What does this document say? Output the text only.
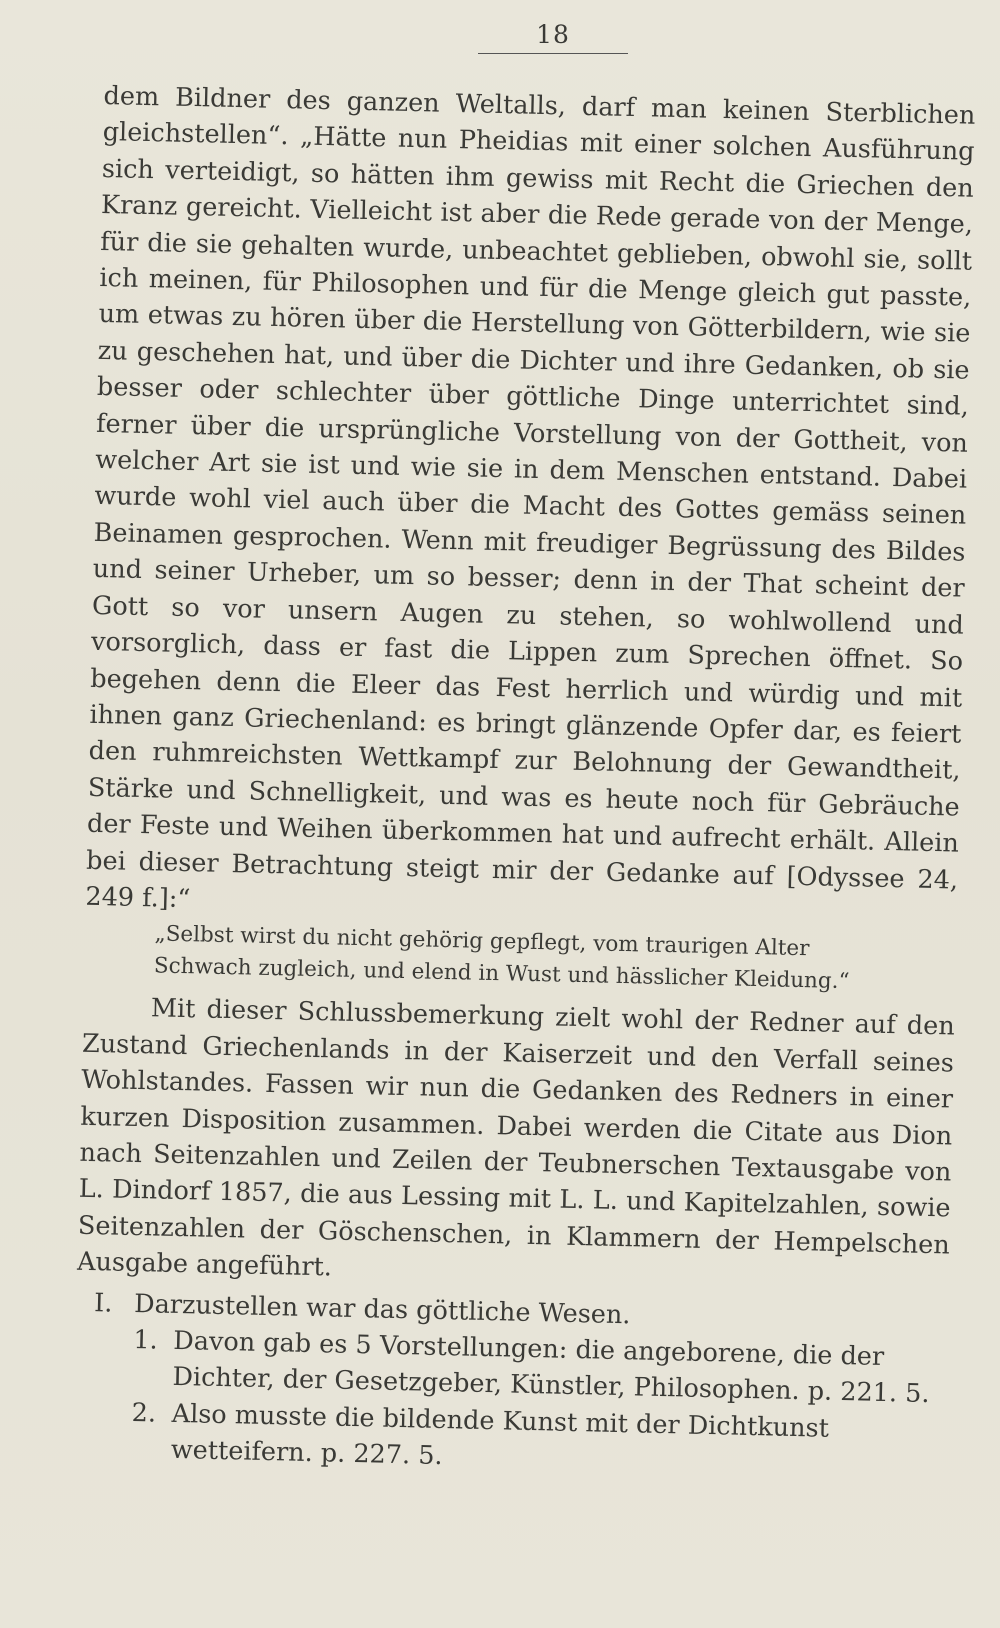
18

dem Bildner des ganzen Weltalls, darf man keinen Sterblichen gleichstellen“. „Hätte nun Pheidias mit einer solchen Ausführung sich verteidigt, so hätten ihm gewiss mit Recht die Griechen den Kranz gereicht. Vielleicht ist aber die Rede gerade von der Menge, für die sie gehalten wurde, unbeachtet geblieben, obwohl sie, sollt ich meinen, für Philosophen und für die Menge gleich gut passte, um etwas zu hören über die Herstellung von Götterbildern, wie sie zu geschehen hat, und über die Dichter und ihre Gedanken, ob sie besser oder schlechter über göttliche Dinge unterrichtet sind, ferner über die ursprüngliche Vorstellung von der Gottheit, von welcher Art sie ist und wie sie in dem Menschen entstand. Dabei wurde wohl viel auch über die Macht des Gottes gemäss seinen Beinamen gesprochen. Wenn mit freudiger Begrüssung des Bildes und seiner Urheber, um so besser; denn in der That scheint der Gott so vor unsern Augen zu stehen, so wohlwollend und vorsorglich, dass er fast die Lippen zum Sprechen öffnet. So begehen denn die Eleer das Fest herrlich und würdig und mit ihnen ganz Griechenland: es bringt glänzende Opfer dar, es feiert den ruhmreichsten Wettkampf zur Belohnung der Gewandtheit, Stärke und Schnelligkeit, und was es heute noch für Gebräuche der Feste und Weihen überkommen hat und aufrecht erhält. Allein bei dieser Betrachtung steigt mir der Gedanke auf [Odyssee 24, 249 f.]:“

„Selbst wirst du nicht gehörig gepflegt, vom traurigen Alter
Schwach zugleich, und elend in Wust und hässlicher Kleidung.“

Mit dieser Schlussbemerkung zielt wohl der Redner auf den Zustand Griechenlands in der Kaiserzeit und den Verfall seines Wohlstandes. Fassen wir nun die Gedanken des Redners in einer kurzen Disposition zusammen. Dabei werden die Citate aus Dion nach Seitenzahlen und Zeilen der Teubnerschen Textausgabe von L. Dindorf 1857, die aus Lessing mit L. L. und Kapitelzahlen, sowie Seitenzahlen der Göschenschen, in Klammern der Hempelschen Ausgabe angeführt.

I. Darzustellen war das göttliche Wesen.
1. Davon gab es 5 Vorstellungen: die angeborene, die der Dichter, der Gesetzgeber, Künstler, Philosophen. p. 221. 5.
2. Also musste die bildende Kunst mit der Dichtkunst wetteifern. p. 227. 5.
